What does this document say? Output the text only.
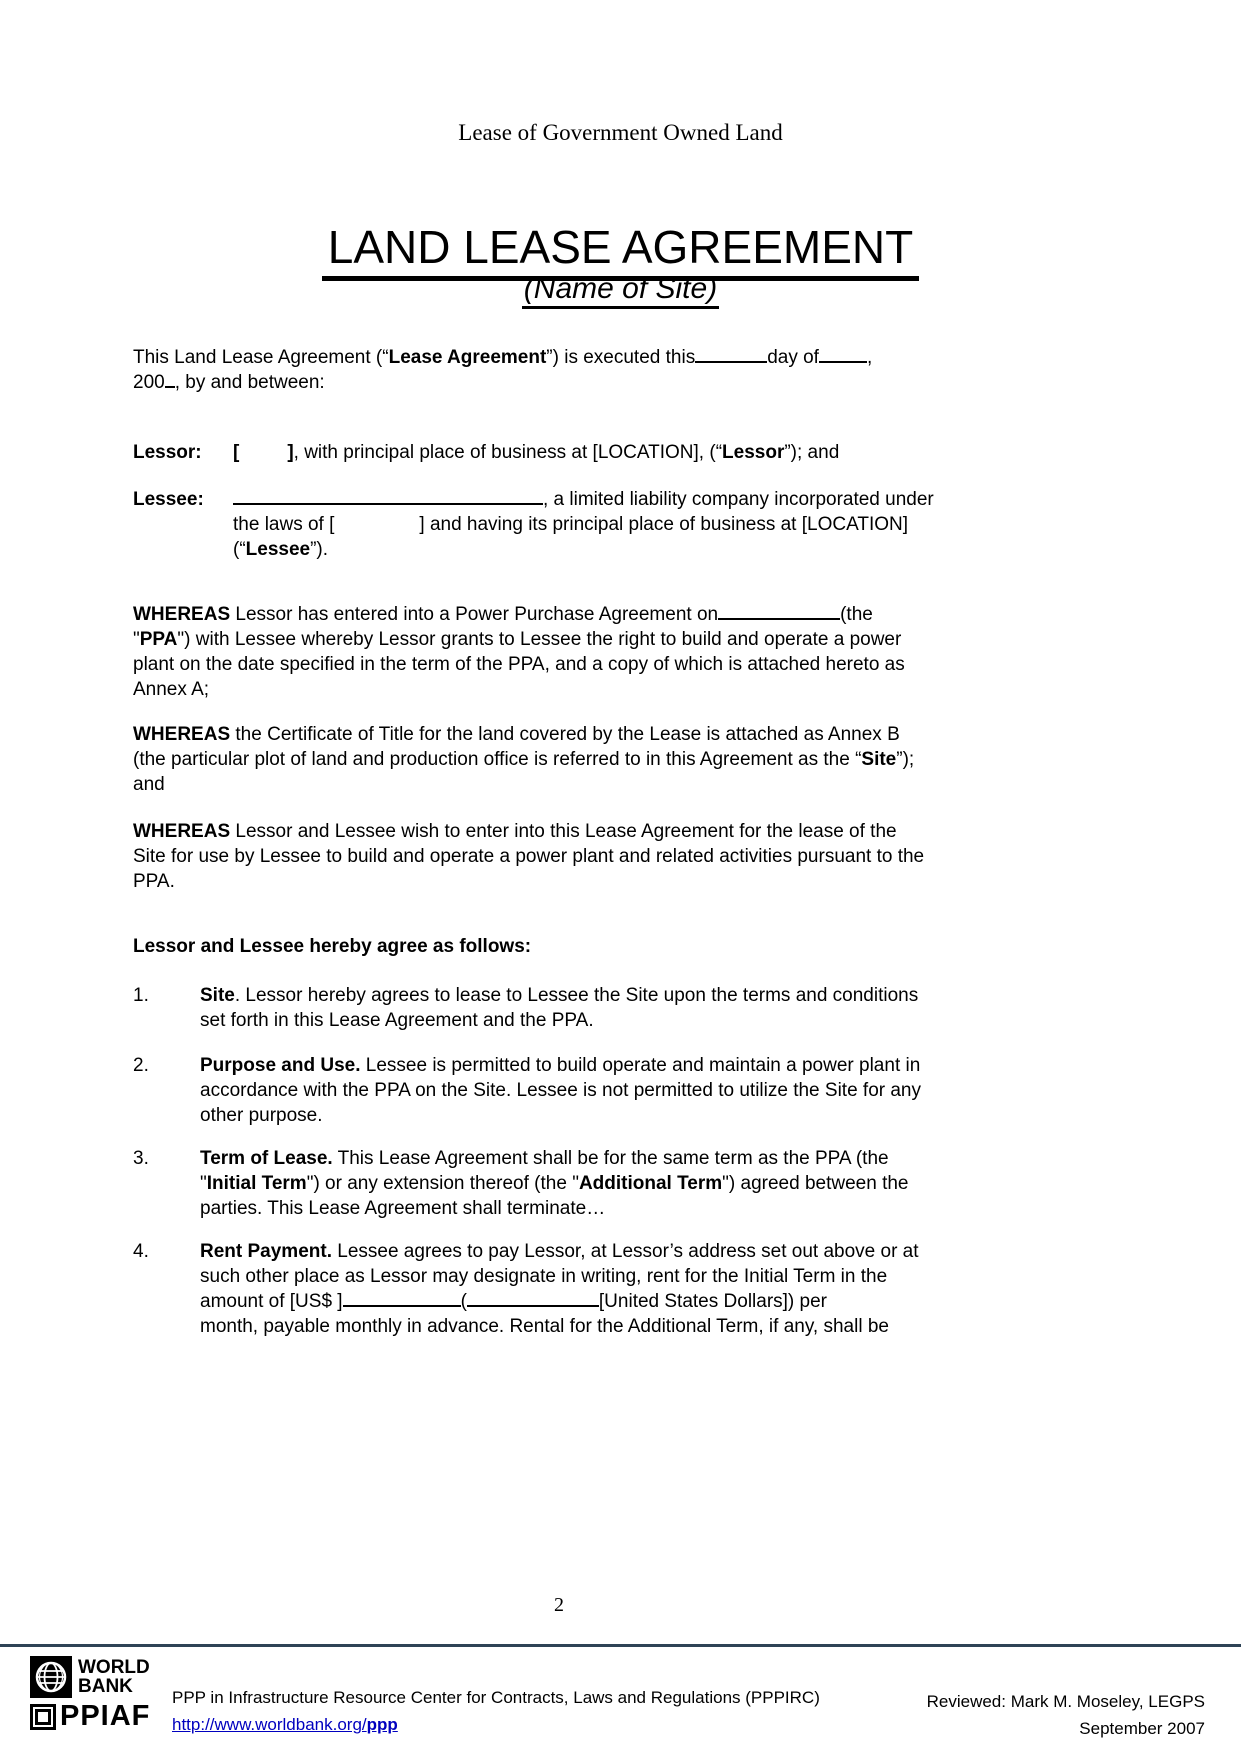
Lease of Government Owned Land
LAND LEASE AGREEMENT
(Name of Site)
This Land Lease Agreement (“Lease Agreement”) is executed this	day of	,
200 , by and between:
Lessor:	[	], with principal place of business at [LOCATION], (“Lessor”); and
Lessee:	, a limited liability company incorporated under
the laws of [	] and having its principal place of business at [LOCATION]
(“Lessee”).
WHEREAS Lessor has entered into a Power Purchase Agreement on	(the
"PPA") with Lessee whereby Lessor grants to Lessee the right to build and operate a power
plant on the date specified in the term of the PPA, and a copy of which is attached hereto as
Annex A;
WHEREAS the Certificate of Title for the land covered by the Lease is attached as Annex B
(the particular plot of land and production office is referred to in this Agreement as the “Site”);
and
WHEREAS Lessor and Lessee wish to enter into this Lease Agreement for the lease of the
Site for use by Lessee to build and operate a power plant and related activities pursuant to the
PPA.
Lessor and Lessee hereby agree as follows:
1.	Site. Lessor hereby agrees to lease to Lessee the Site upon the terms and conditions
set forth in this Lease Agreement and the PPA.
2.	Purpose and Use. Lessee is permitted to build operate and maintain a power plant in
accordance with the PPA on the Site. Lessee is not permitted to utilize the Site for any
other purpose.
3.	Term of Lease. This Lease Agreement shall be for the same term as the PPA (the
"Initial Term") or any extension thereof (the "Additional Term") agreed between the
parties. This Lease Agreement shall terminate…
4.	Rent Payment. Lessee agrees to pay Lessor, at Lessor’s address set out above or at
such other place as Lessor may designate in writing, rent for the Initial Term in the
amount of [US$ ]	(	[United States Dollars]) per
month, payable monthly in advance. Rental for the Additional Term, if any, shall be
2
WORLD
BANK
PPIAF
PPP in Infrastructure Resource Center for Contracts, Laws and Regulations (PPPIRC)
http://www.worldbank.org/ppp
Reviewed: Mark M. Moseley, LEGPS
September 2007
